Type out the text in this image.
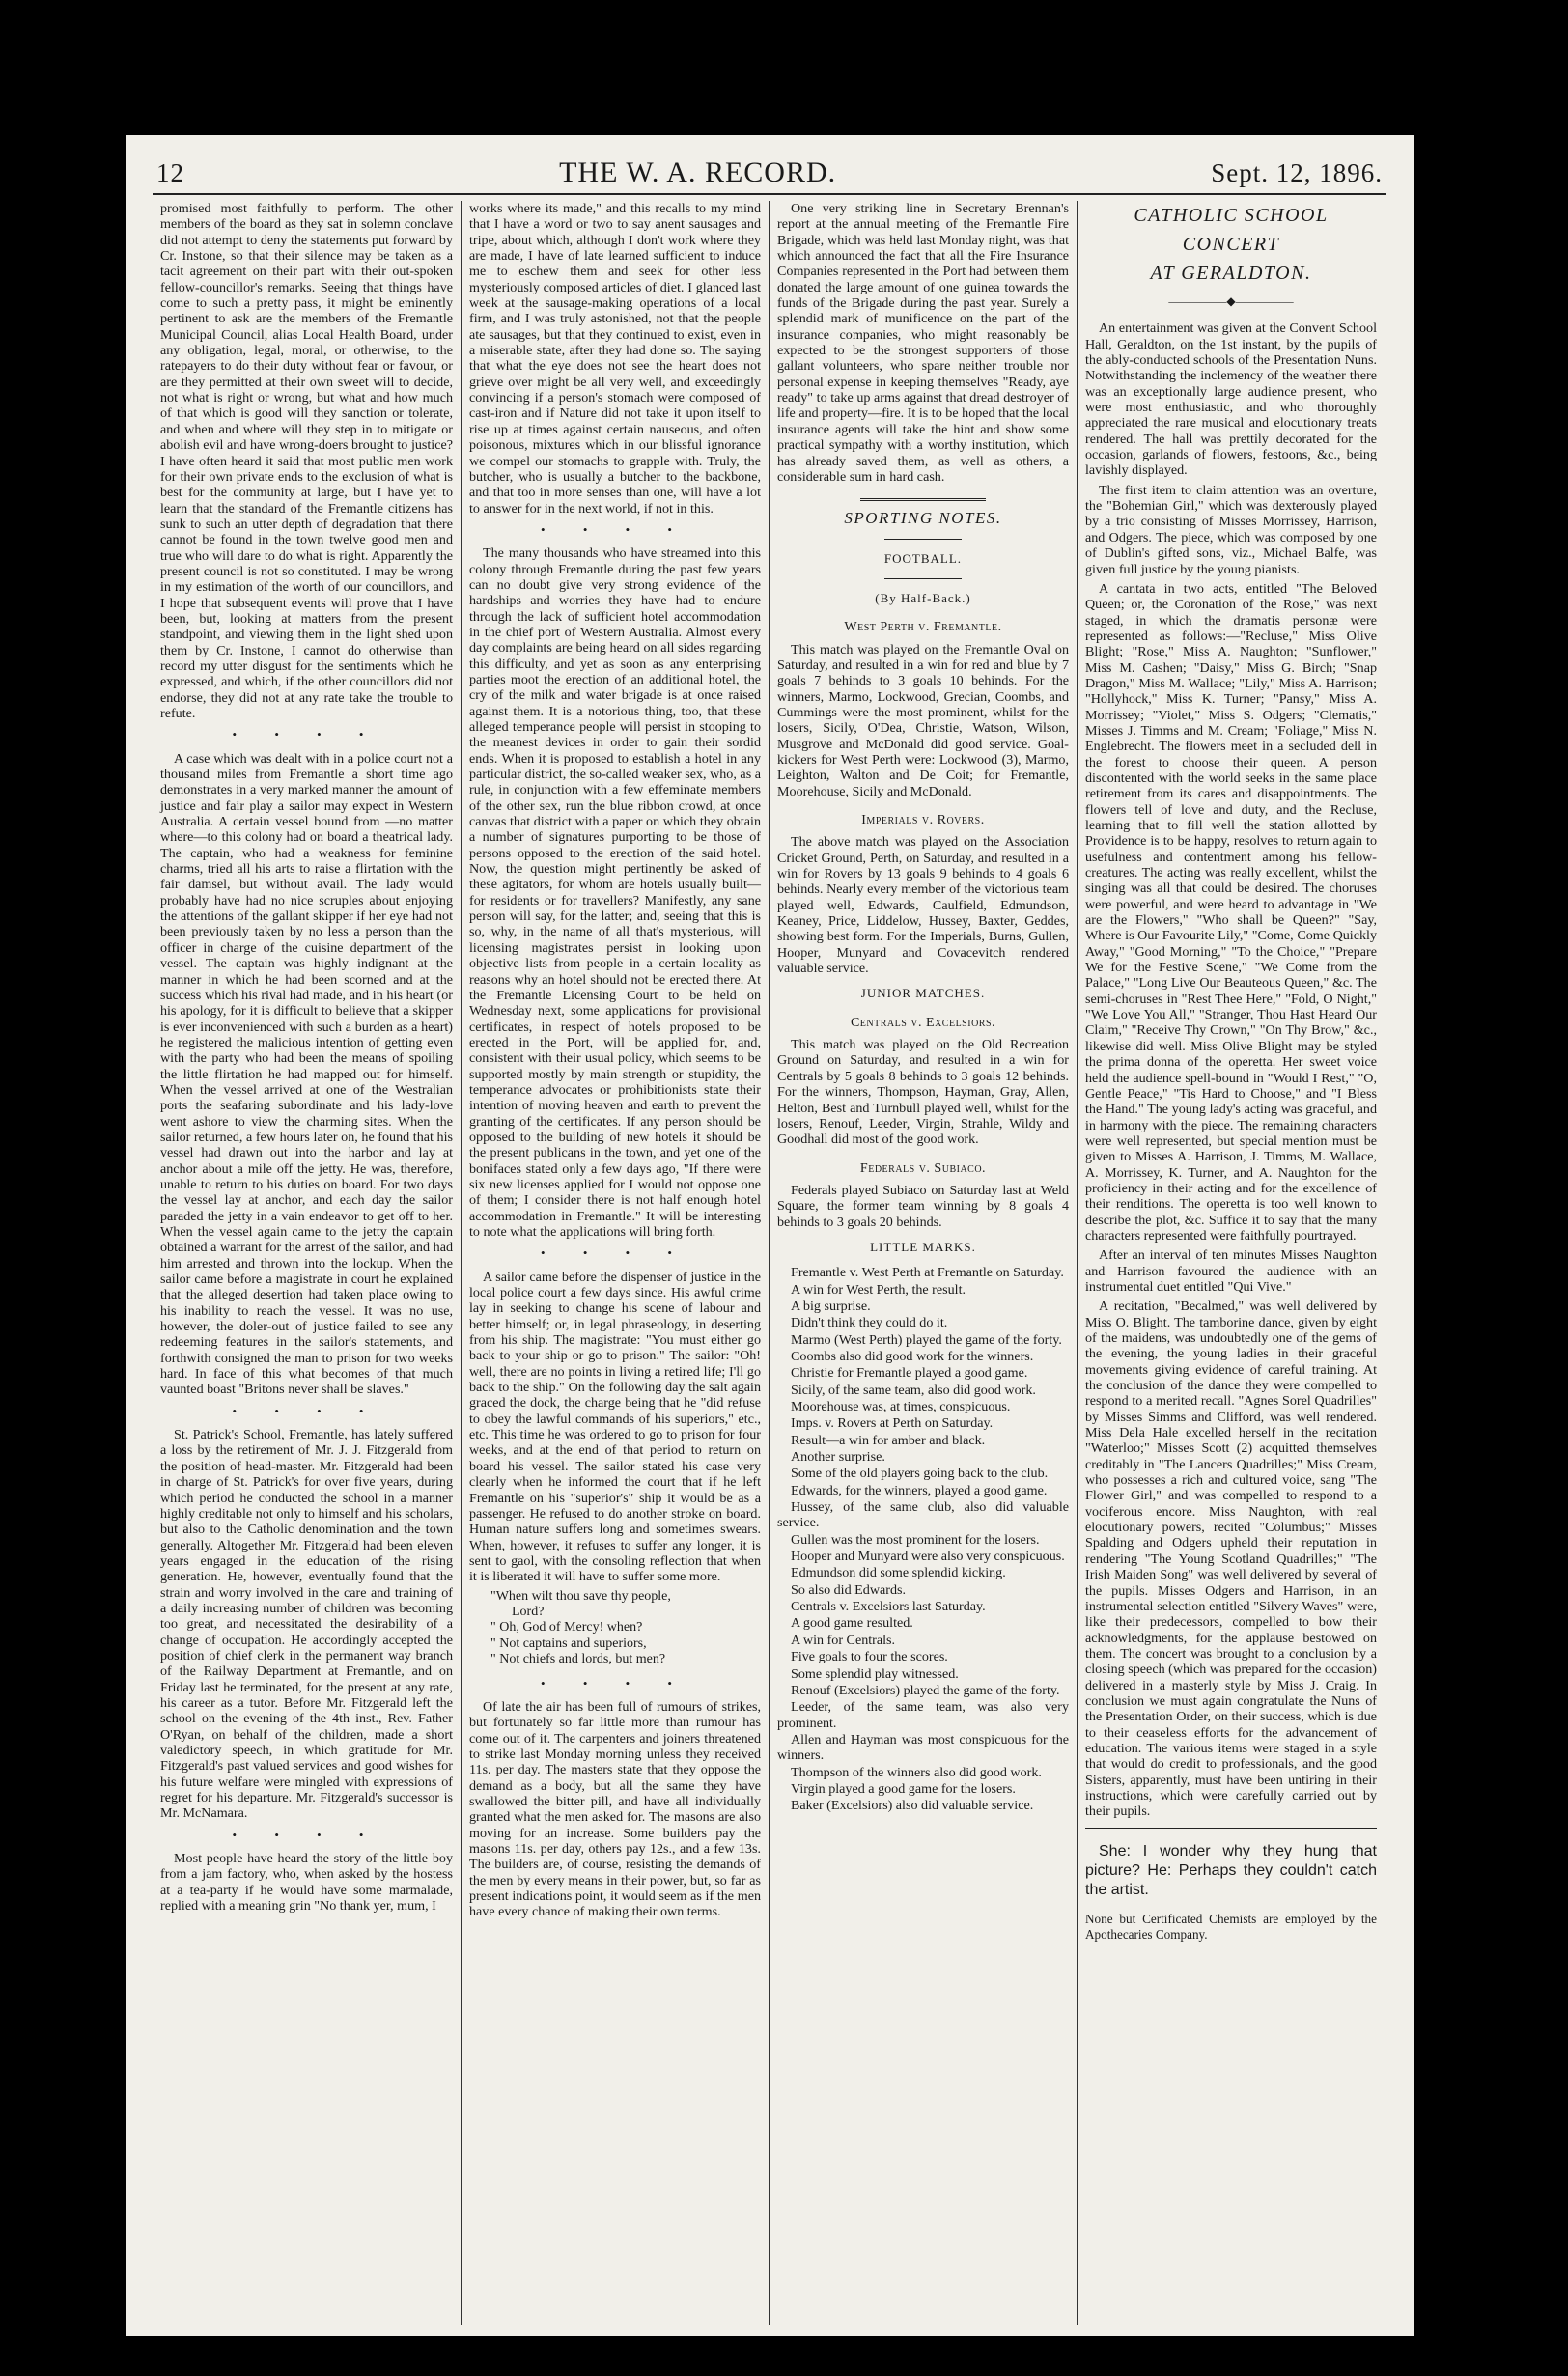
12	THE W. A. RECORD.	Sept. 12, 1896.

promised most faithfully to perform. The other members of the board as they sat in solemn conclave did not attempt to deny the statements put forward by Cr. Instone, so that their silence may be taken as a tacit agreement on their part with their out-spoken fellow-councillor's remarks. Seeing that things have come to such a pretty pass, it might be eminently pertinent to ask are the members of the Fremantle Municipal Council, alias Local Health Board, under any obligation, legal, moral, or otherwise, to the ratepayers to do their duty without fear or favour, or are they permitted at their own sweet will to decide, not what is right or wrong, but what and how much of that which is good will they sanction or tolerate, and when and where will they step in to mitigate or abolish evil and have wrong-doers brought to justice? I have often heard it said that most public men work for their own private ends to the exclusion of what is best for the community at large, but I have yet to learn that the standard of the Fremantle citizens has sunk to such an utter depth of degradation that there cannot be found in the town twelve good men and true who will dare to do what is right. Apparently the present council is not so constituted. I may be wrong in my estimation of the worth of our councillors, and I hope that subsequent events will prove that I have been, but, looking at matters from the present standpoint, and viewing them in the light shed upon them by Cr. Instone, I cannot do otherwise than record my utter disgust for the sentiments which he expressed, and which, if the other councillors did not endorse, they did not at any rate take the trouble to refute.

• • • •

A case which was dealt with in a police court not a thousand miles from Fremantle a short time ago demonstrates in a very marked manner the amount of justice and fair play a sailor may expect in Western Australia. A certain vessel bound from —no matter where—to this colony had on board a theatrical lady. The captain, who had a weakness for feminine charms, tried all his arts to raise a flirtation with the fair damsel, but without avail. The lady would probably have had no nice scruples about enjoying the attentions of the gallant skipper if her eye had not been previously taken by no less a person than the officer in charge of the cuisine department of the vessel. The captain was highly indignant at the manner in which he had been scorned and at the success which his rival had made, and in his heart (or his apology, for it is difficult to believe that a skipper is ever inconvenienced with such a burden as a heart) he registered the malicious intention of getting even with the party who had been the means of spoiling the little flirtation he had mapped out for himself. When the vessel arrived at one of the Westralian ports the seafaring subordinate and his lady-love went ashore to view the charming sites. When the sailor returned, a few hours later on, he found that his vessel had drawn out into the harbor and lay at anchor about a mile off the jetty. He was, therefore, unable to return to his duties on board. For two days the vessel lay at anchor, and each day the sailor paraded the jetty in a vain endeavor to get off to her. When the vessel again came to the jetty the captain obtained a warrant for the arrest of the sailor, and had him arrested and thrown into the lockup. When the sailor came before a magistrate in court he explained that the alleged desertion had taken place owing to his inability to reach the vessel. It was no use, however, the doler-out of justice failed to see any redeeming features in the sailor's statements, and forthwith consigned the man to prison for two weeks hard. In face of this what becomes of that much vaunted boast "Britons never shall be slaves."

• • • •

St. Patrick's School, Fremantle, has lately suffered a loss by the retirement of Mr. J. J. Fitzgerald from the position of head-master. Mr. Fitzgerald had been in charge of St. Patrick's for over five years, during which period he conducted the school in a manner highly creditable not only to himself and his scholars, but also to the Catholic denomination and the town generally. Altogether Mr. Fitzgerald had been eleven years engaged in the education of the rising generation. He, however, eventually found that the strain and worry involved in the care and training of a daily increasing number of children was becoming too great, and necessitated the desirability of a change of occupation. He accordingly accepted the position of chief clerk in the permanent way branch of the Railway Department at Fremantle, and on Friday last he terminated, for the present at any rate, his career as a tutor. Before Mr. Fitzgerald left the school on the evening of the 4th inst., Rev. Father O'Ryan, on behalf of the children, made a short valedictory speech, in which gratitude for Mr. Fitzgerald's past valued services and good wishes for his future welfare were mingled with expressions of regret for his departure. Mr. Fitzgerald's successor is Mr. McNamara.

• • • •

Most people have heard the story of the little boy from a jam factory, who, when asked by the hostess at a tea-party if he would have some marmalade, replied with a meaning grin "No thank yer, mum, I

works where its made," and this recalls to my mind that I have a word or two to say anent sausages and tripe, about which, although I don't work where they are made, I have of late learned sufficient to induce me to eschew them and seek for other less mysteriously composed articles of diet. I glanced last week at the sausage-making operations of a local firm, and I was truly astonished, not that the people ate sausages, but that they continued to exist, even in a miserable state, after they had done so. The saying that what the eye does not see the heart does not grieve over might be all very well, and exceedingly convincing if a person's stomach were composed of cast-iron and if Nature did not take it upon itself to rise up at times against certain nauseous, and often poisonous, mixtures which in our blissful ignorance we compel our stomachs to grapple with. Truly, the butcher, who is usually a butcher to the backbone, and that too in more senses than one, will have a lot to answer for in the next world, if not in this.

• • • •

The many thousands who have streamed into this colony through Fremantle during the past few years can no doubt give very strong evidence of the hardships and worries they have had to endure through the lack of sufficient hotel accommodation in the chief port of Western Australia. Almost every day complaints are being heard on all sides regarding this difficulty, and yet as soon as any enterprising parties moot the erection of an additional hotel, the cry of the milk and water brigade is at once raised against them. It is a notorious thing, too, that these alleged temperance people will persist in stooping to the meanest devices in order to gain their sordid ends. When it is proposed to establish a hotel in any particular district, the so-called weaker sex, who, as a rule, in conjunction with a few effeminate members of the other sex, run the blue ribbon crowd, at once canvas that district with a paper on which they obtain a number of signatures purporting to be those of persons opposed to the erection of the said hotel. Now, the question might pertinently be asked of these agitators, for whom are hotels usually built—for residents or for travellers? Manifestly, any sane person will say, for the latter; and, seeing that this is so, why, in the name of all that's mysterious, will licensing magistrates persist in looking upon objective lists from people in a certain locality as reasons why an hotel should not be erected there. At the Fremantle Licensing Court to be held on Wednesday next, some applications for provisional certificates, in respect of hotels proposed to be erected in the Port, will be applied for, and, consistent with their usual policy, which seems to be supported mostly by main strength or stupidity, the temperance advocates or prohibitionists state their intention of moving heaven and earth to prevent the granting of the certificates. If any person should be opposed to the building of new hotels it should be the present publicans in the town, and yet one of the bonifaces stated only a few days ago, "If there were six new licenses applied for I would not oppose one of them; I consider there is not half enough hotel accommodation in Fremantle." It will be interesting to note what the applications will bring forth.

• • • •

A sailor came before the dispenser of justice in the local police court a few days since. His awful crime lay in seeking to change his scene of labour and better himself; or, in legal phraseology, in deserting from his ship. The magistrate: "You must either go back to your ship or go to prison." The sailor: "Oh! well, there are no points in living a retired life; I'll go back to the ship." On the following day the salt again graced the dock, the charge being that he "did refuse to obey the lawful commands of his superiors," etc., etc. This time he was ordered to go to prison for four weeks, and at the end of that period to return on board his vessel. The sailor stated his case very clearly when he informed the court that if he left Fremantle on his "superior's" ship it would be as a passenger. He refused to do another stroke on board. Human nature suffers long and sometimes swears. When, however, it refuses to suffer any longer, it is sent to gaol, with the consoling reflection that when it is liberated it will have to suffer some more.

"When wilt thou save thy people,
Lord?
" Oh, God of Mercy! when?
" Not captains and superiors,
" Not chiefs and lords, but men?
• • • •

Of late the air has been full of rumours of strikes, but fortunately so far little more than rumour has come out of it. The carpenters and joiners threatened to strike last Monday morning unless they received 11s. per day. The masters state that they oppose the demand as a body, but all the same they have swallowed the bitter pill, and have all individually granted what the men asked for. The masons are also moving for an increase. Some builders pay the masons 11s. per day, others pay 12s., and a few 13s. The builders are, of course, resisting the demands of the men by every means in their power, but, so far as present indications point, it would seem as if the men have every chance of making their own terms.

One very striking line in Secretary Brennan's report at the annual meeting of the Fremantle Fire Brigade, which was held last Monday night, was that which announced the fact that all the Fire Insurance Companies represented in the Port had between them donated the large amount of one guinea towards the funds of the Brigade during the past year. Surely a splendid mark of munificence on the part of the insurance companies, who might reasonably be expected to be the strongest supporters of those gallant volunteers, who spare neither trouble nor personal expense in keeping themselves "Ready, aye ready" to take up arms against that dread destroyer of life and property—fire. It is to be hoped that the local insurance agents will take the hint and show some practical sympathy with a worthy institution, which has already saved them, as well as others, a considerable sum in hard cash.

SPORTING NOTES.
FOOTBALL.
(By Half-Back.)
West Perth v. Fremantle.

This match was played on the Fremantle Oval on Saturday, and resulted in a win for red and blue by 7 goals 7 behinds to 3 goals 10 behinds. For the winners, Marmo, Lockwood, Grecian, Coombs, and Cummings were the most prominent, whilst for the losers, Sicily, O'Dea, Christie, Watson, Wilson, Musgrove and McDonald did good service. Goal-kickers for West Perth were: Lockwood (3), Marmo, Leighton, Walton and De Coit; for Fremantle, Moorehouse, Sicily and McDonald.

Imperials v. Rovers.

The above match was played on the Association Cricket Ground, Perth, on Saturday, and resulted in a win for Rovers by 13 goals 9 behinds to 4 goals 6 behinds. Nearly every member of the victorious team played well, Edwards, Caulfield, Edmundson, Keaney, Price, Liddelow, Hussey, Baxter, Geddes, showing best form. For the Imperials, Burns, Gullen, Hooper, Munyard and Covacevitch rendered valuable service.

JUNIOR MATCHES.
Centrals v. Excelsiors.

This match was played on the Old Recreation Ground on Saturday, and resulted in a win for Centrals by 5 goals 8 behinds to 3 goals 12 behinds. For the winners, Thompson, Hayman, Gray, Allen, Helton, Best and Turnbull played well, whilst for the losers, Renouf, Leeder, Virgin, Strahle, Wildy and Goodhall did most of the good work.

Federals v. Subiaco.

Federals played Subiaco on Saturday last at Weld Square, the former team winning by 8 goals 4 behinds to 3 goals 20 behinds.

LITTLE MARKS.

Fremantle v. West Perth at Fremantle on Saturday.

A win for West Perth, the result.

A big surprise.

Didn't think they could do it.

Marmo (West Perth) played the game of the forty.

Coombs also did good work for the winners.

Christie for Fremantle played a good game.

Sicily, of the same team, also did good work.

Moorehouse was, at times, conspicuous.

Imps. v. Rovers at Perth on Saturday.

Result—a win for amber and black.

Another surprise.

Some of the old players going back to the club.

Edwards, for the winners, played a good game.

Hussey, of the same club, also did valuable service.

Gullen was the most prominent for the losers.

Hooper and Munyard were also very conspicuous.

Edmundson did some splendid kicking.

So also did Edwards.

Centrals v. Excelsiors last Saturday.

A good game resulted.

A win for Centrals.

Five goals to four the scores.

Some splendid play witnessed.

Renouf (Excelsiors) played the game of the forty.

Leeder, of the same team, was also very prominent.

Allen and Hayman was most conspicuous for the winners.

Thompson of the winners also did good work.

Virgin played a good game for the losers.

Baker (Excelsiors) also did valuable service.

CATHOLIC SCHOOL CONCERT
AT GERALDTON.
―――――◆―――――

An entertainment was given at the Convent School Hall, Geraldton, on the 1st instant, by the pupils of the ably-conducted schools of the Presentation Nuns. Notwithstanding the inclemency of the weather there was an exceptionally large audience present, who were most enthusiastic, and who thoroughly appreciated the rare musical and elocutionary treats rendered. The hall was prettily decorated for the occasion, garlands of flowers, festoons, &c., being lavishly displayed.

The first item to claim attention was an overture, the "Bohemian Girl," which was dexterously played by a trio consisting of Misses Morrissey, Harrison, and Odgers. The piece, which was composed by one of Dublin's gifted sons, viz., Michael Balfe, was given full justice by the young pianists.

A cantata in two acts, entitled "The Beloved Queen; or, the Coronation of the Rose," was next staged, in which the dramatis personæ were represented as follows:—"Recluse," Miss Olive Blight; "Rose," Miss A. Naughton; "Sunflower," Miss M. Cashen; "Daisy," Miss G. Birch; "Snap Dragon," Miss M. Wallace; "Lily," Miss A. Harrison; "Hollyhock," Miss K. Turner; "Pansy," Miss A. Morrissey; "Violet," Miss S. Odgers; "Clematis," Misses J. Timms and M. Cream; "Foliage," Miss N. Englebrecht. The flowers meet in a secluded dell in the forest to choose their queen. A person discontented with the world seeks in the same place retirement from its cares and disappointments. The flowers tell of love and duty, and the Recluse, learning that to fill well the station allotted by Providence is to be happy, resolves to return again to usefulness and contentment among his fellow-creatures. The acting was really excellent, whilst the singing was all that could be desired. The choruses were powerful, and were heard to advantage in "We are the Flowers," "Who shall be Queen?" "Say, Where is Our Favourite Lily," "Come, Come Quickly Away," "Good Morning," "To the Choice," "Prepare We for the Festive Scene," "We Come from the Palace," "Long Live Our Beauteous Queen," &c. The semi-choruses in "Rest Thee Here," "Fold, O Night," "We Love You All," "Stranger, Thou Hast Heard Our Claim," "Receive Thy Crown," "On Thy Brow," &c., likewise did well. Miss Olive Blight may be styled the prima donna of the operetta. Her sweet voice held the audience spell-bound in "Would I Rest," "O, Gentle Peace," "Tis Hard to Choose," and "I Bless the Hand." The young lady's acting was graceful, and in harmony with the piece. The remaining characters were well represented, but special mention must be given to Misses A. Harrison, J. Timms, M. Wallace, A. Morrissey, K. Turner, and A. Naughton for the proficiency in their acting and for the excellence of their renditions. The operetta is too well known to describe the plot, &c. Suffice it to say that the many characters represented were faithfully pourtrayed.

After an interval of ten minutes Misses Naughton and Harrison favoured the audience with an instrumental duet entitled "Qui Vive."

A recitation, "Becalmed," was well delivered by Miss O. Blight. The tamborine dance, given by eight of the maidens, was undoubtedly one of the gems of the evening, the young ladies in their graceful movements giving evidence of careful training. At the conclusion of the dance they were compelled to respond to a merited recall. "Agnes Sorel Quadrilles" by Misses Simms and Clifford, was well rendered. Miss Dela Hale excelled herself in the recitation "Waterloo;" Misses Scott (2) acquitted themselves creditably in "The Lancers Quadrilles;" Miss Cream, who possesses a rich and cultured voice, sang "The Flower Girl," and was compelled to respond to a vociferous encore. Miss Naughton, with real elocutionary powers, recited "Columbus;" Misses Spalding and Odgers upheld their reputation in rendering "The Young Scotland Quadrilles;" "The Irish Maiden Song" was well delivered by several of the pupils. Misses Odgers and Harrison, in an instrumental selection entitled "Silvery Waves" were, like their predecessors, compelled to bow their acknowledgments, for the applause bestowed on them. The concert was brought to a conclusion by a closing speech (which was prepared for the occasion) delivered in a masterly style by Miss J. Craig. In conclusion we must again congratulate the Nuns of the Presentation Order, on their success, which is due to their ceaseless efforts for the advancement of education. The various items were staged in a style that would do credit to professionals, and the good Sisters, apparently, must have been untiring in their instructions, which were carefully carried out by their pupils.

She: I wonder why they hung that picture? He: Perhaps they couldn't catch the artist.
None but Certificated Chemists are employed by the Apothecaries Company.
